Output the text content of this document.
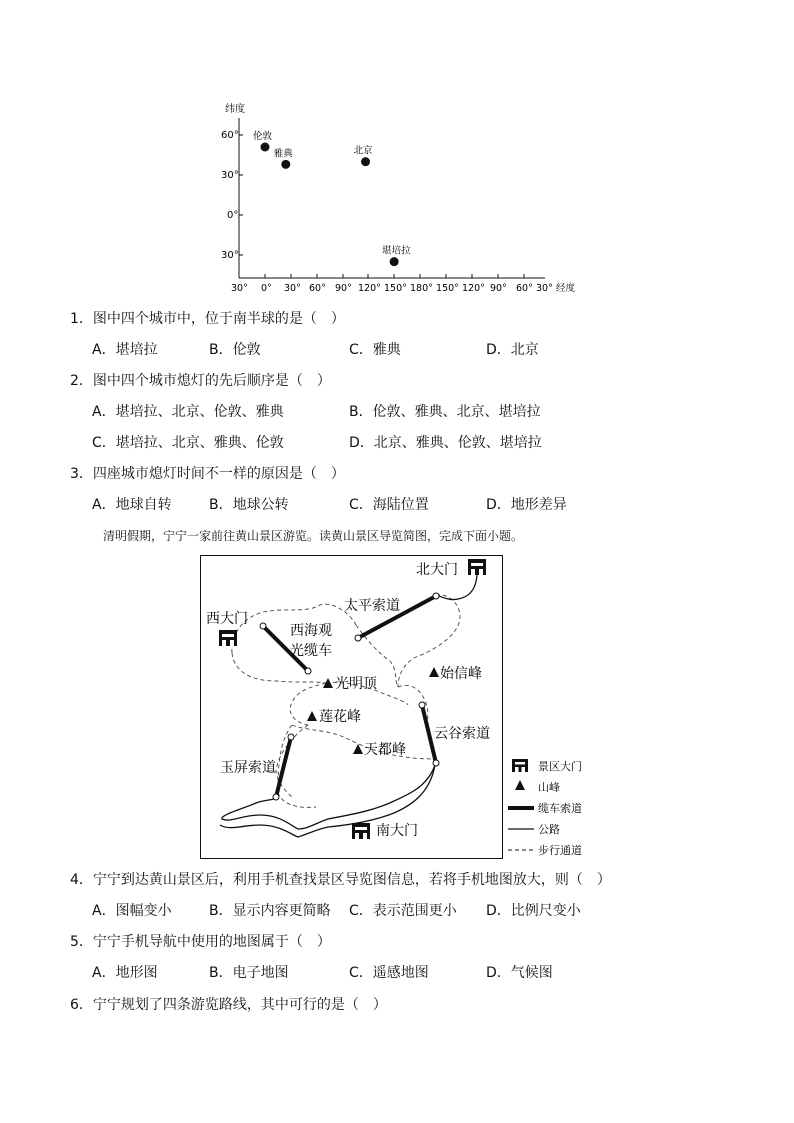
纬度
60°
30°
0°
30°
30° 0° 30° 60° 90° 120° 150° 180° 150° 120° 90° 60° 30° 经度
伦敦
雅典	北京
堪培拉
1．图中四个城市中，位于南半球的是（　）
A．堪培拉	B．伦敦	C．雅典	D．北京
2．图中四个城市熄灯的先后顺序是（　）
A．堪培拉、北京、伦敦、雅典	B．伦敦、雅典、北京、堪培拉
C．堪培拉、北京、雅典、伦敦	D．北京、雅典、伦敦、堪培拉
3．四座城市熄灯时间不一样的原因是（　）
A．地球自转	B．地球公转	C．海陆位置	D．地形差异
清明假期，宁宁一家前往黄山景区游览。读黄山景区导览简图，完成下面小题。
北大门
西大门
南大门
太平索道
西海观
光缆车
云谷索道
玉屏索道
光明顶
始信峰
莲花峰
天都峰
景区大门
山峰
缆车索道
公路
步行通道
4．宁宁到达黄山景区后，利用手机查找景区导览图信息，若将手机地图放大，则（　）
A．图幅变小	B．显示内容更简略 C．表示范围更小 D．比例尺变小
5．宁宁手机导航中使用的地图属于（　）
A．地形图	B．电子地图	C．遥感地图	D．气候图
6．宁宁规划了四条游览路线，其中可行的是（　）
